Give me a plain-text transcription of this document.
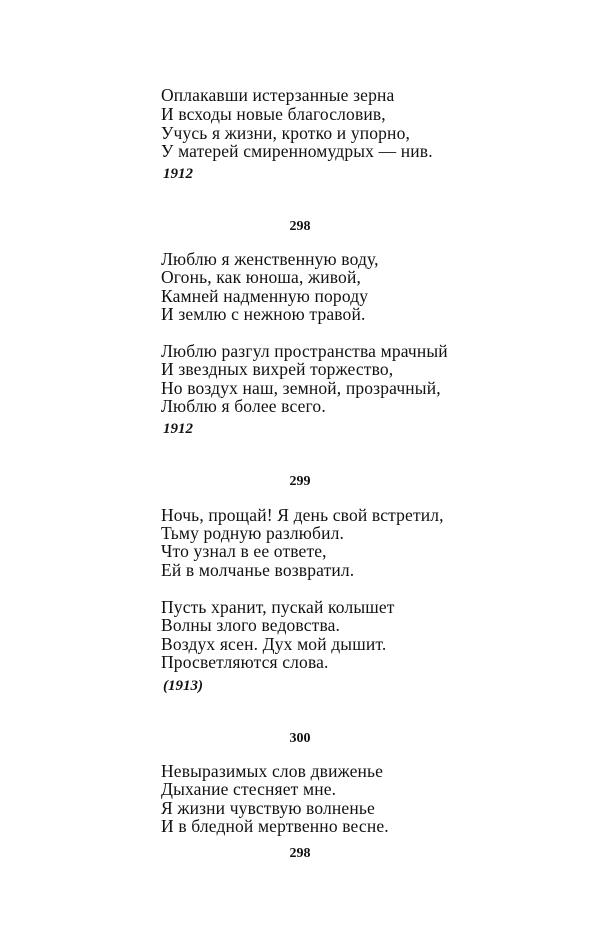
Оплакавши истерзанные зерна
И всходы новые благословив,
Учусь я жизни, кротко и упорно,
У матерей смиренномудрых — нив.
1912
298
Люблю я женственную воду,
Огонь, как юноша, живой,
Камней надменную породу
И землю с нежною травой.
Люблю разгул пространства мрачный
И звездных вихрей торжество,
Но воздух наш, земной, прозрачный,
Люблю я более всего.
1912
299
Ночь, прощай! Я день свой встретил,
Тьму родную разлюбил.
Что узнал в ее ответе,
Ей в молчанье возвратил.
Пусть хранит, пускай колышет
Волны злого ведовства.
Воздух ясен. Дух мой дышит.
Просветляются слова.
(1913)
300
Невыразимых слов движенье
Дыхание стесняет мне.
Я жизни чувствую волненье
И в бледной мертвенно весне.
298
